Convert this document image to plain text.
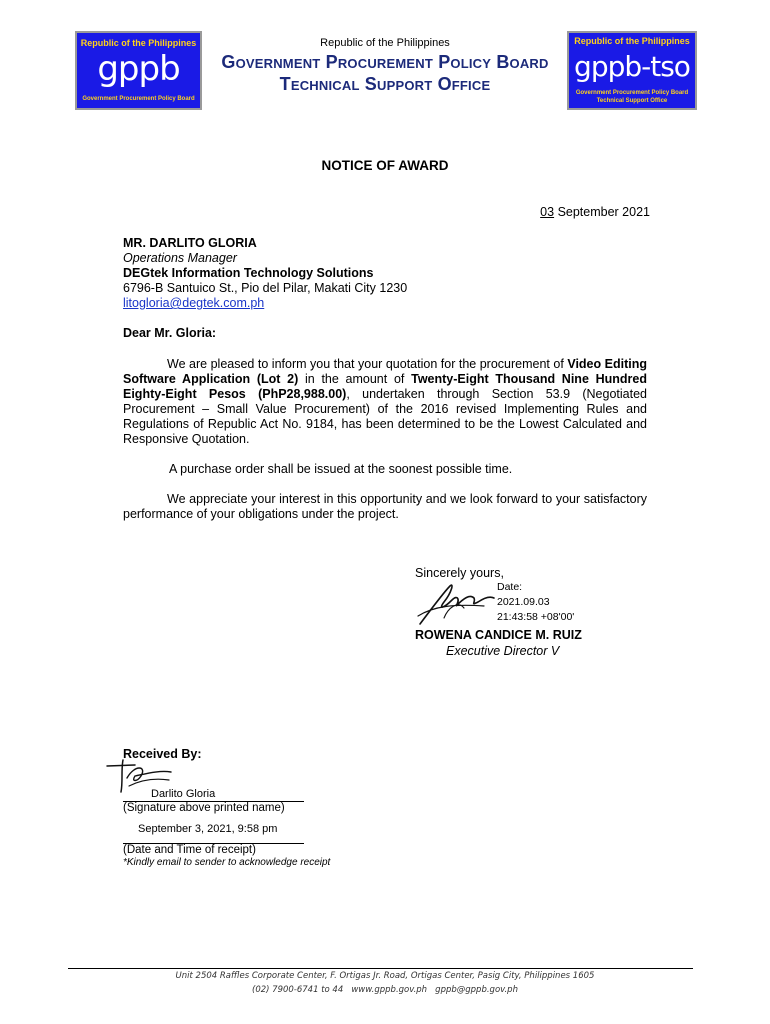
Republic of the Philippines
gppb
Government Procurement Policy Board
Republic of the Philippines
gppb-tso
Government Procurement Policy Board
Technical Support Office
Republic of the Philippines
Government Procurement Policy Board
Technical Support Office
NOTICE OF AWARD
03 September 2021
MR. DARLITO GLORIA
Operations Manager
DEGtek Information Technology Solutions
6796-B Santuico St., Pio del Pilar, Makati City 1230
litogloria@degtek.com.ph
Dear Mr. Gloria:
We are pleased to inform you that your quotation for the procurement of Video Editing Software Application (Lot 2) in the amount of Twenty-Eight Thousand Nine Hundred Eighty-Eight Pesos (PhP28,988.00), undertaken through Section 53.9 (Negotiated Procurement – Small Value Procurement) of the 2016 revised Implementing Rules and Regulations of Republic Act No. 9184, has been determined to be the Lowest Calculated and Responsive Quotation.
A purchase order shall be issued at the soonest possible time.
We appreciate your interest in this opportunity and we look forward to your satisfactory performance of your obligations under the project.
Sincerely yours,
Date:
2021.09.03
21:43:58 +08'00'
ROWENA CANDICE M. RUIZ
Executive Director V
Received By:
Darlito Gloria
(Signature above printed name)
September 3, 2021, 9:58 pm
(Date and Time of receipt)
*Kindly email to sender to acknowledge receipt
Unit 2504 Raffles Corporate Center, F. Ortigas Jr. Road, Ortigas Center, Pasig City, Philippines 1605
(02) 7900-6741 to 44   www.gppb.gov.ph   gppb@gppb.gov.ph
